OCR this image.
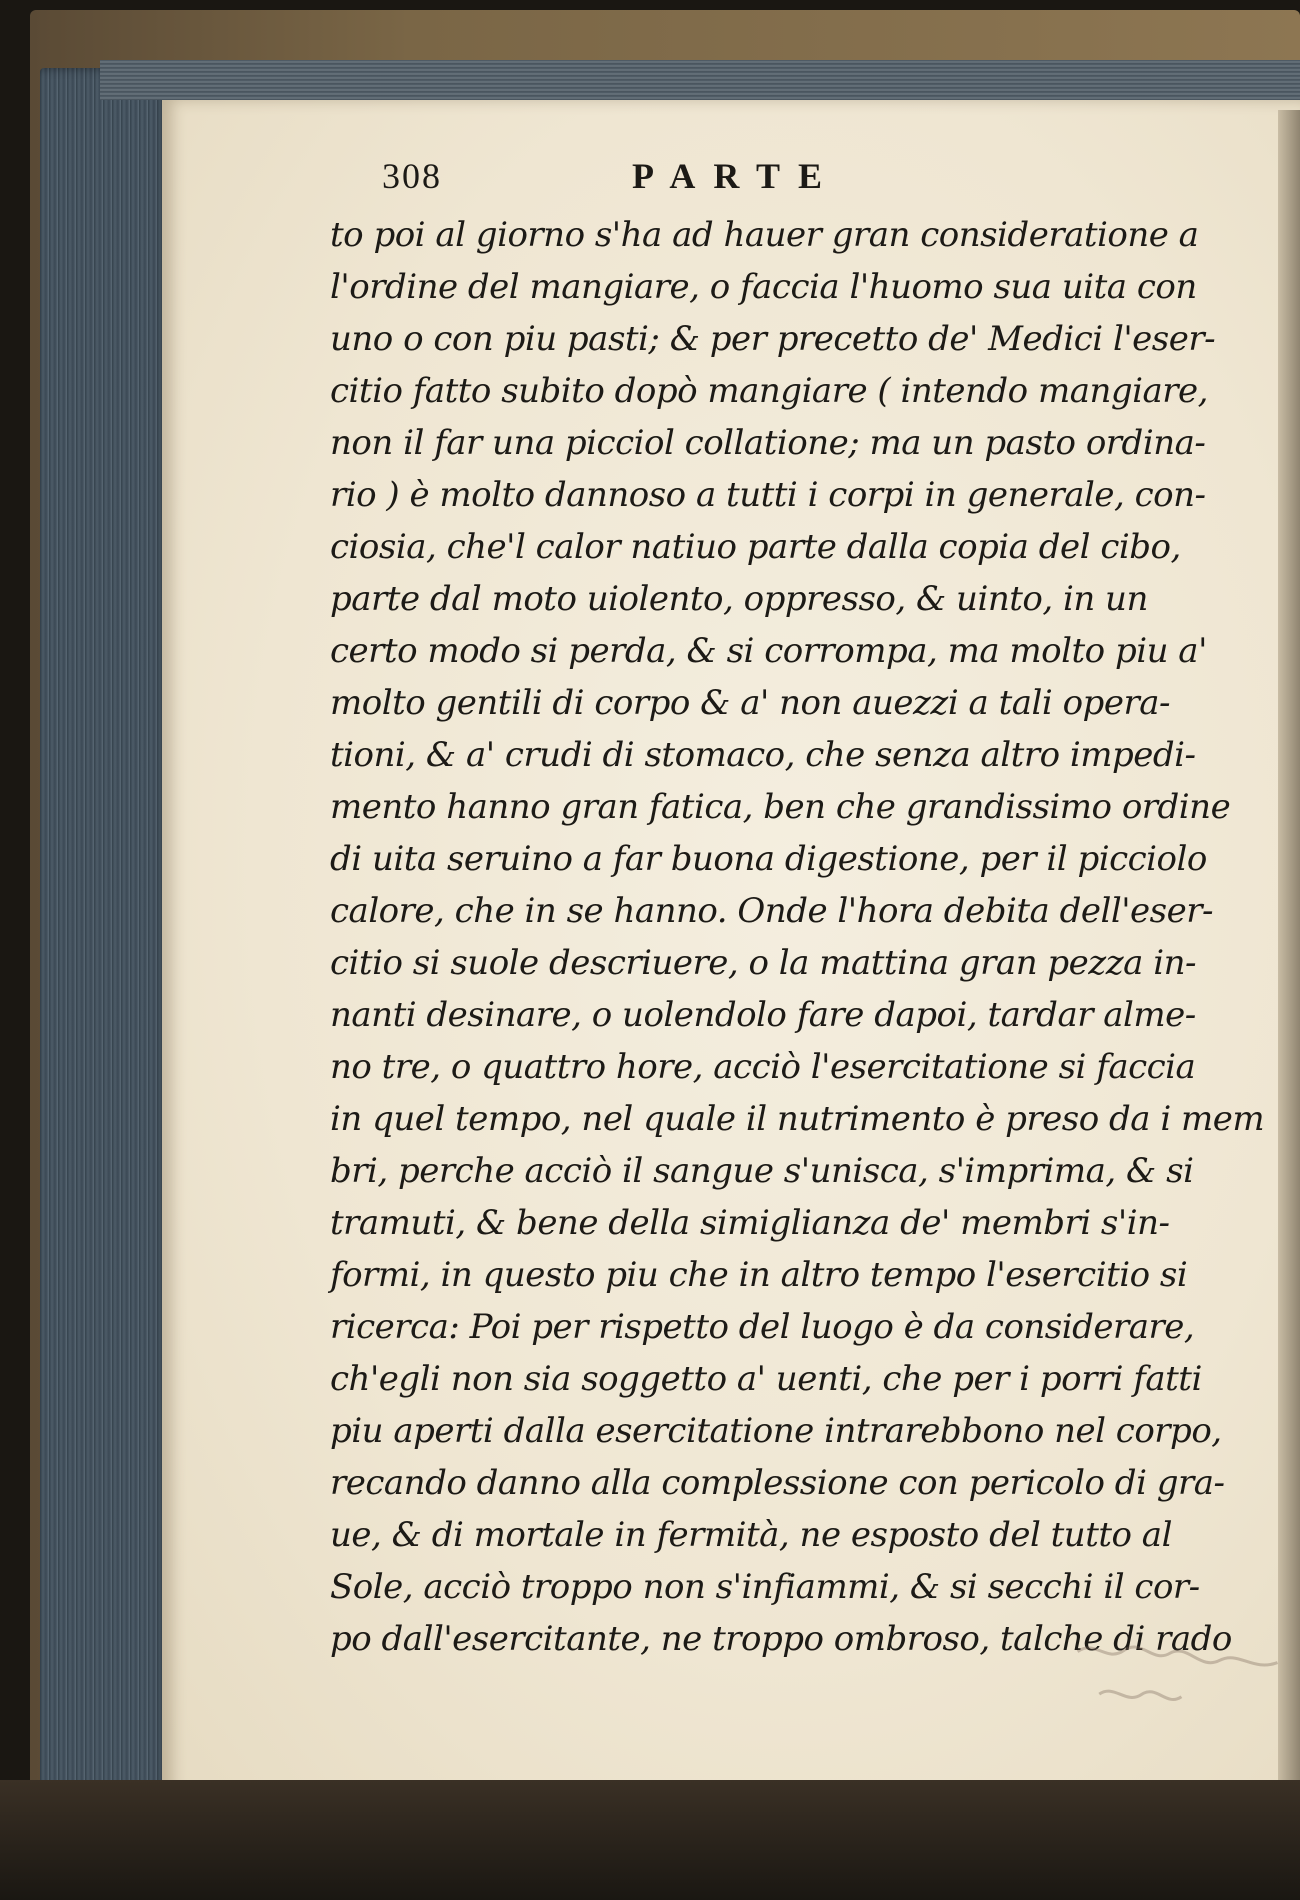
308	PARTE
to poi al giorno s'ha ad hauer gran consideratione a
l'ordine del mangiare, o faccia l'huomo sua uita con
uno o con piu pasti; & per precetto de' Medici l'eser-
citio fatto subito dopò mangiare ( intendo mangiare,
non il far una picciol collatione; ma un pasto ordina-
rio ) è molto dannoso a tutti i corpi in generale, con-
ciosia, che'l calor natiuo parte dalla copia del cibo,
parte dal moto uiolento, oppresso, & uinto, in un
certo modo si perda, & si corrompa, ma molto piu a'
molto gentili di corpo & a' non auezzi a tali opera-
tioni, & a' crudi di stomaco, che senza altro impedi-
mento hanno gran fatica, ben che grandissimo ordine
di uita seruino a far buona digestione, per il picciolo
calore, che in se hanno. Onde l'hora debita dell'eser-
citio si suole descriuere, o la mattina gran pezza in-
nanti desinare, o uolendolo fare dapoi, tardar alme-
no tre, o quattro hore, acciò l'esercitatione si faccia
in quel tempo, nel quale il nutrimento è preso da i mem
bri, perche acciò il sangue s'unisca, s'imprima, & si
tramuti, & bene della simiglianza de' membri s'in-
formi, in questo piu che in altro tempo l'esercitio si
ricerca: Poi per rispetto del luogo è da considerare,
ch'egli non sia soggetto a' uenti, che per i porri fatti
piu aperti dalla esercitatione intrarebbono nel corpo,
recando danno alla complessione con pericolo di gra-
ue, & di mortale in fermità, ne esposto del tutto al
Sole, acciò troppo non s'infiammi, & si secchi il cor-
po dall'esercitante, ne troppo ombroso, talche di rado
